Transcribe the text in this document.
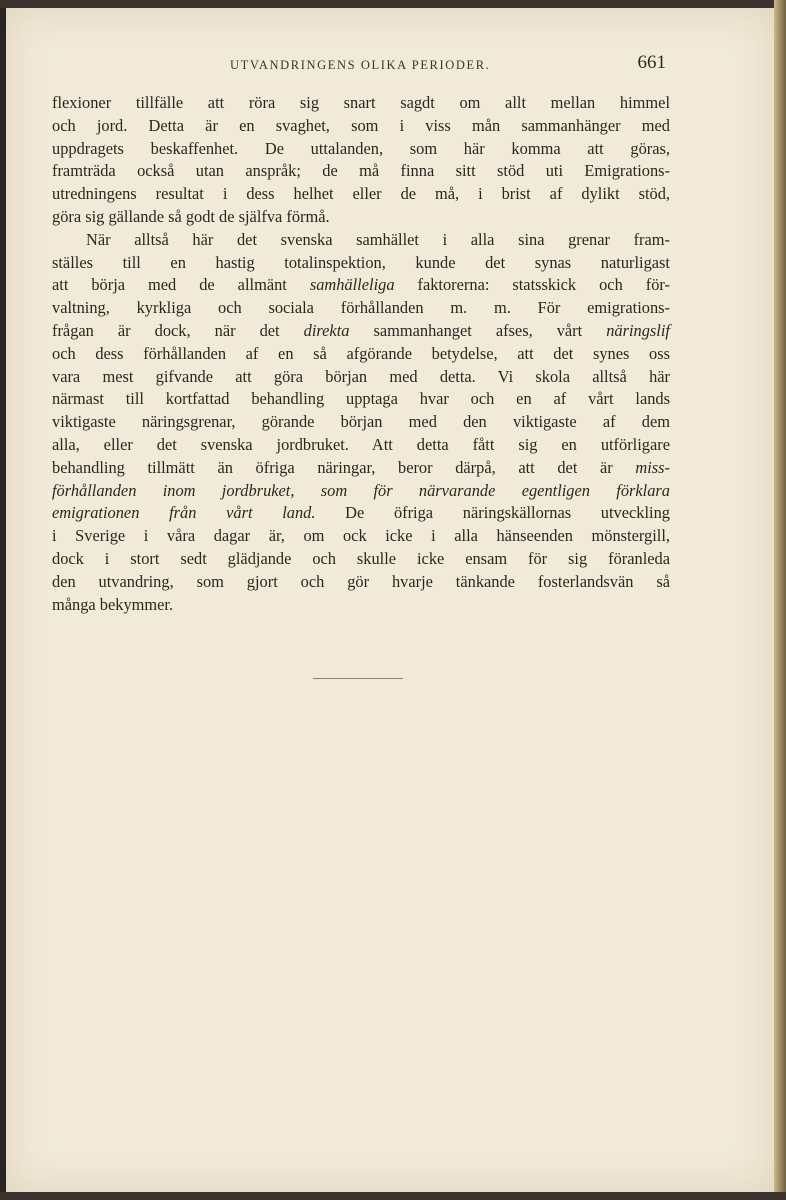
UTVANDRINGENS OLIKA PERIODER.	661
flexioner tillfälle att röra sig snart sagdt om allt mellan himmel
och jord. Detta är en svaghet, som i viss mån sammanhänger med
uppdragets beskaffenhet. De uttalanden, som här komma att göras,
framträda också utan anspråk; de må finna sitt stöd uti Emigrations-
utredningens resultat i dess helhet eller de må, i brist af dylikt stöd,
göra sig gällande så godt de själfva förmå.
När alltså här det svenska samhället i alla sina grenar fram-
ställes till en hastig totalinspektion, kunde det synas naturligast
att börja med de allmänt samhälleliga faktorerna: statsskick och för-
valtning, kyrkliga och sociala förhållanden m. m. För emigrations-
frågan är dock, när det direkta sammanhanget afses, vårt näringslif
och dess förhållanden af en så afgörande betydelse, att det synes oss
vara mest gifvande att göra början med detta. Vi skola alltså här
närmast till kortfattad behandling upptaga hvar och en af vårt lands
viktigaste näringsgrenar, görande början med den viktigaste af dem
alla, eller det svenska jordbruket. Att detta fått sig en utförligare
behandling tillmätt än öfriga näringar, beror därpå, att det är miss-
förhållanden inom jordbruket, som för närvarande egentligen förklara
emigrationen från vårt land. De öfriga näringskällornas utveckling
i Sverige i våra dagar är, om ock icke i alla hänseenden mönstergill,
dock i stort sedt glädjande och skulle icke ensam för sig föranleda
den utvandring, som gjort och gör hvarje tänkande fosterlandsvän så
många bekymmer.
